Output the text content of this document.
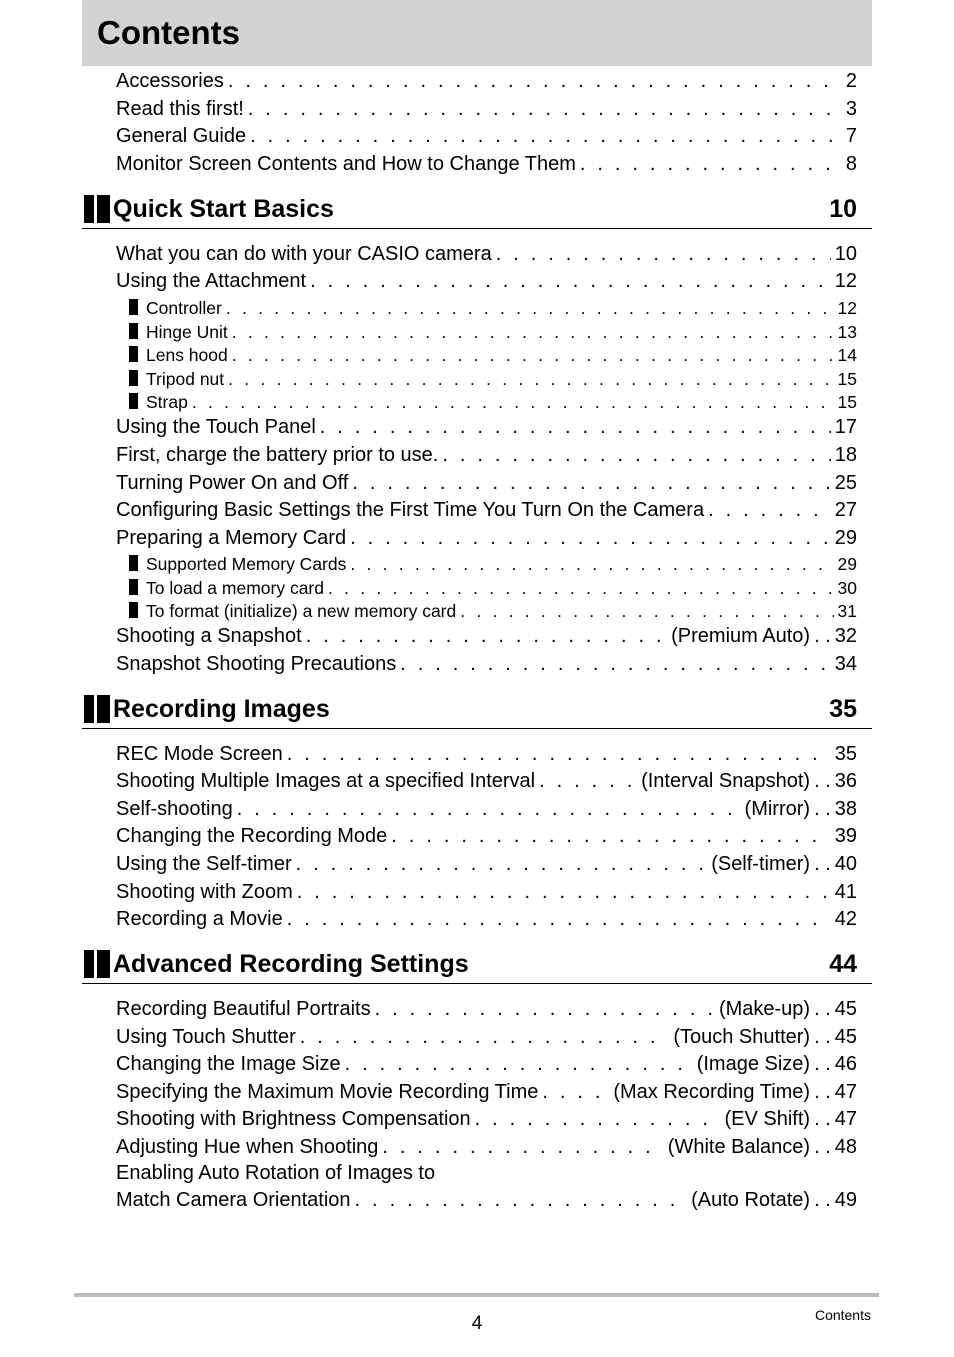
Contents
Accessories . . .	2
Read this first! . . .	3
General Guide . . .	7
Monitor Screen Contents and How to Change Them . . .	8
Quick Start Basics	10
What you can do with your CASIO camera . . .	10
Using the Attachment . . .	12
Controller . . .	12
Hinge Unit . . .	13
Lens hood . . .	14
Tripod nut . . .	15
Strap . . .	15
Using the Touch Panel . . .	17
First, charge the battery prior to use. . . .	18
Turning Power On and Off . . .	25
Configuring Basic Settings the First Time You Turn On the Camera . . .	27
Preparing a Memory Card . . .	29
Supported Memory Cards . . .	29
To load a memory card . . .	30
To format (initialize) a new memory card . . .	31
Shooting a Snapshot . . .	(Premium Auto) . . 32
Snapshot Shooting Precautions . . .	34
Recording Images	35
REC Mode Screen . . .	35
Shooting Multiple Images at a specified Interval . . .	(Interval Snapshot) . . 36
Self-shooting . . .	(Mirror) . . 38
Changing the Recording Mode . . .	39
Using the Self-timer . . .	(Self-timer) . . 40
Shooting with Zoom . . .	41
Recording a Movie . . .	42
Advanced Recording Settings	44
Recording Beautiful Portraits . . .	(Make-up) . . 45
Using Touch Shutter . . .	(Touch Shutter) . . 45
Changing the Image Size . . .	(Image Size) . . 46
Specifying the Maximum Movie Recording Time . . .	(Max Recording Time) . . 47
Shooting with Brightness Compensation . . .	(EV Shift) . . 47
Adjusting Hue when Shooting . . .	(White Balance) . . 48
Enabling Auto Rotation of Images to
Match Camera Orientation . . .	(Auto Rotate) . . 49
4	Contents
